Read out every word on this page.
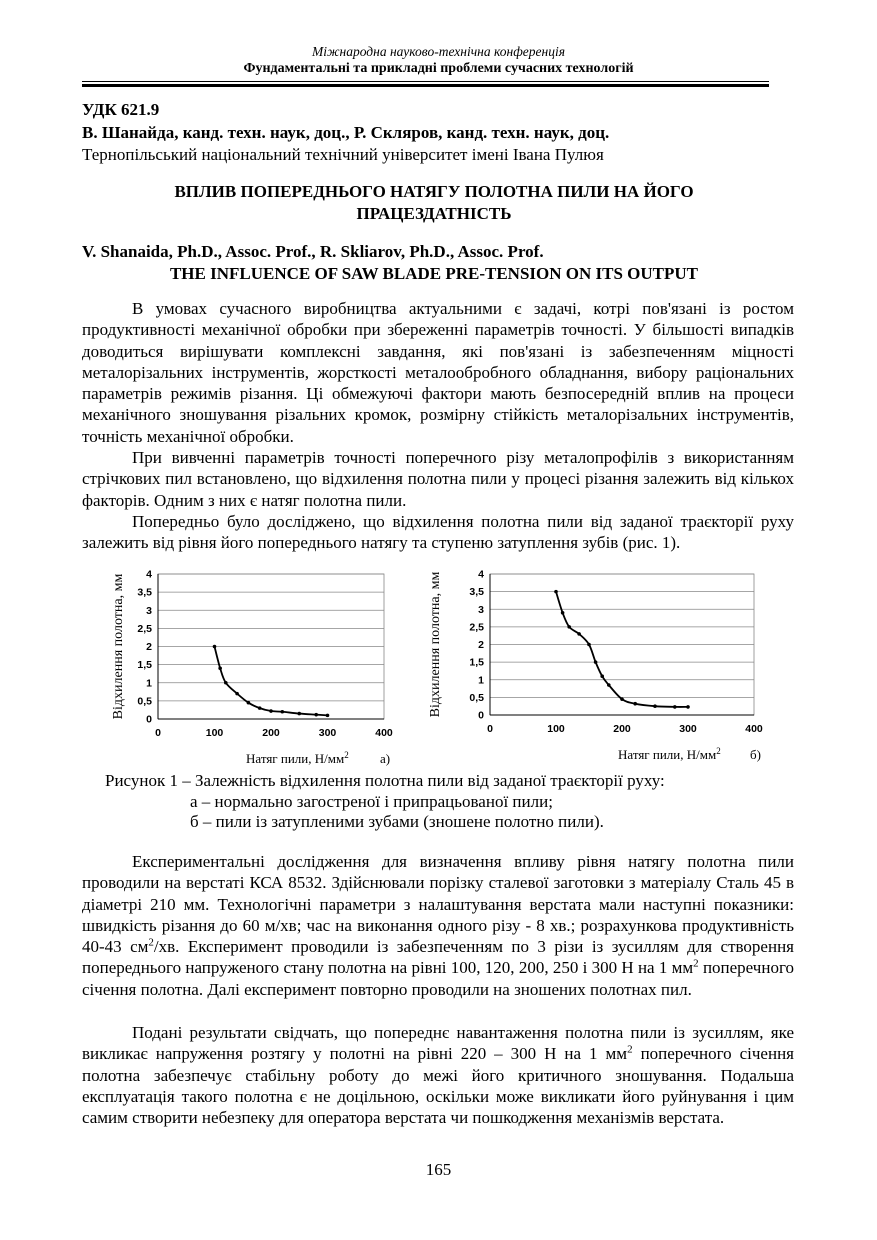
Міжнародна науково-технічна конференція
Фундаментальні та прикладні проблеми сучасних технологій
УДК 621.9
В. Шанайда, канд. техн. наук, доц., Р. Скляров, канд. техн. наук, доц.
Тернопільський національний технічний університет імені Івана Пулюя
ВПЛИВ ПОПЕРЕДНЬОГО НАТЯГУ ПОЛОТНА ПИЛИ НА ЙОГО
ПРАЦЕЗДАТНІСТЬ
V. Shanaida, Ph.D., Assoc. Prof., R. Skliarov, Ph.D., Assoc. Prof.
THE INFLUENCE OF SAW BLADE PRE-TENSION ON ITS OUTPUT

В умовах сучасного виробництва актуальними є задачі, котрі пов'язані із ростом продуктивності механічної обробки при збереженні параметрів точності. У більшості випадків доводиться вирішувати комплексні завдання, які пов'язані із забезпеченням міцності металорізальних інструментів, жорсткості металообробного обладнання, вибору раціональних параметрів режимів різання. Ці обмежуючі фактори мають безпосередній вплив на процеси механічного зношування різальних кромок, розмірну стійкість металорізальних інструментів, точність механічної обробки.

При вивченні параметрів точності поперечного різу металопрофілів з використанням стрічкових пил встановлено, що відхилення полотна пили у процесі різання залежить від кількох факторів. Одним з них є натяг полотна пили.

Попередньо було досліджено, що відхилення полотна пили від заданої траєкторії руху залежить від рівня його попереднього натягу та ступеню затуплення зубів (рис. 1).

0
0,5
1
1,5
2
2,5
3
3,5
4
0	100	200	300	400
Відхилення полотна, мм
Натяг пили, $Н/мм^2$ а)
0
0,5
1
1,5
2
2,5
3
3,5
4
0	100	200	300	400
Відхилення полотна, мм
Натяг пили, $Н/мм^2$ б)
Рисунок 1 – Залежність відхилення полотна пили від заданої траєкторії руху:
а – нормально загостреної і припрацьованої пили;
б – пили із затупленими зубами (зношене полотно пили).

Експериментальні дослідження для визначення впливу рівня натягу полотна пили проводили на верстаті КСА 8532. Здійснювали порізку сталевої заготовки з матеріалу Сталь 45 в діаметрі 210 мм. Технологічні параметри з налаштування верстата мали наступні показники: швидкість різання до 60 м/хв; час на виконання одного різу - 8 хв.; розрахункова продуктивність 40-43 $см^2/хв$. Експеримент проводили із забезпеченням по 3 різи із зусиллям для створення попереднього напруженого стану полотна на рівні 100, 120, 200, 250 і 300 Н на 1 $мм^2$ поперечного січення полотна. Далі експеримент повторно проводили на зношених полотнах пил.

Подані результати свідчать, що попереднє навантаження полотна пили із зусиллям, яке викликає напруження розтягу у полотні на рівні 220 – 300 Н на 1 $мм^2$ поперечного січення полотна забезпечує стабільну роботу до межі його критичного зношування. Подальша експлуатація такого полотна є не доцільною, оскільки може викликати його руйнування і цим самим створити небезпеку для оператора верстата чи пошкодження механізмів верстата.

165
